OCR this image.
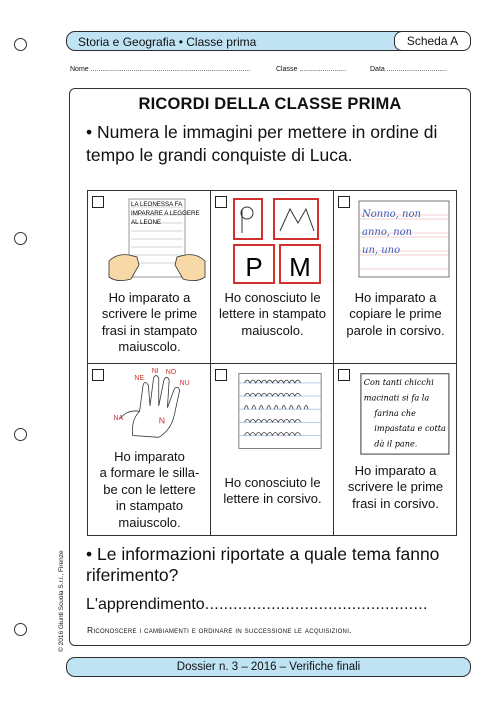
Storia e Geografia • Classe prima	Scheda A
Nome ..................................................................................	Classe ........................	Data ...............................
RICORDI DELLA CLASSE PRIMA
• Numera le immagini per mettere in ordine di tempo le grandi conquiste di Luca.
LA LEONESSA FA
IMPARARE A LEGGERE
AL LEONE
Ho imparato a scrivere le prime frasi in stampato maiuscolo.
P M
Ho conosciuto le lettere in stampato maiuscolo.
Nonno, non
anno, non
un, uno
Ho imparato a copiare le prime parole in corsivo.
NE
NI NO
NU
N
NA
Ho imparato
a formare le silla-
be con le lettere
in stampato
maiuscolo.
Ho conosciuto le lettere in corsivo.
Con tanti chicchi
macinati si fa la
farina che
impastata e cotta
dà il pane.
Ho imparato a scrivere le prime frasi in corsivo.
• Le informazioni riportate a quale tema fanno riferimento?
L'apprendimento...............................................
Riconoscere i cambiamenti e ordinare in successione le acquisizioni.
© 2016 Giunti Scuola S.r.l., Firenze
Dossier n. 3 – 2016 – Verifiche finali
